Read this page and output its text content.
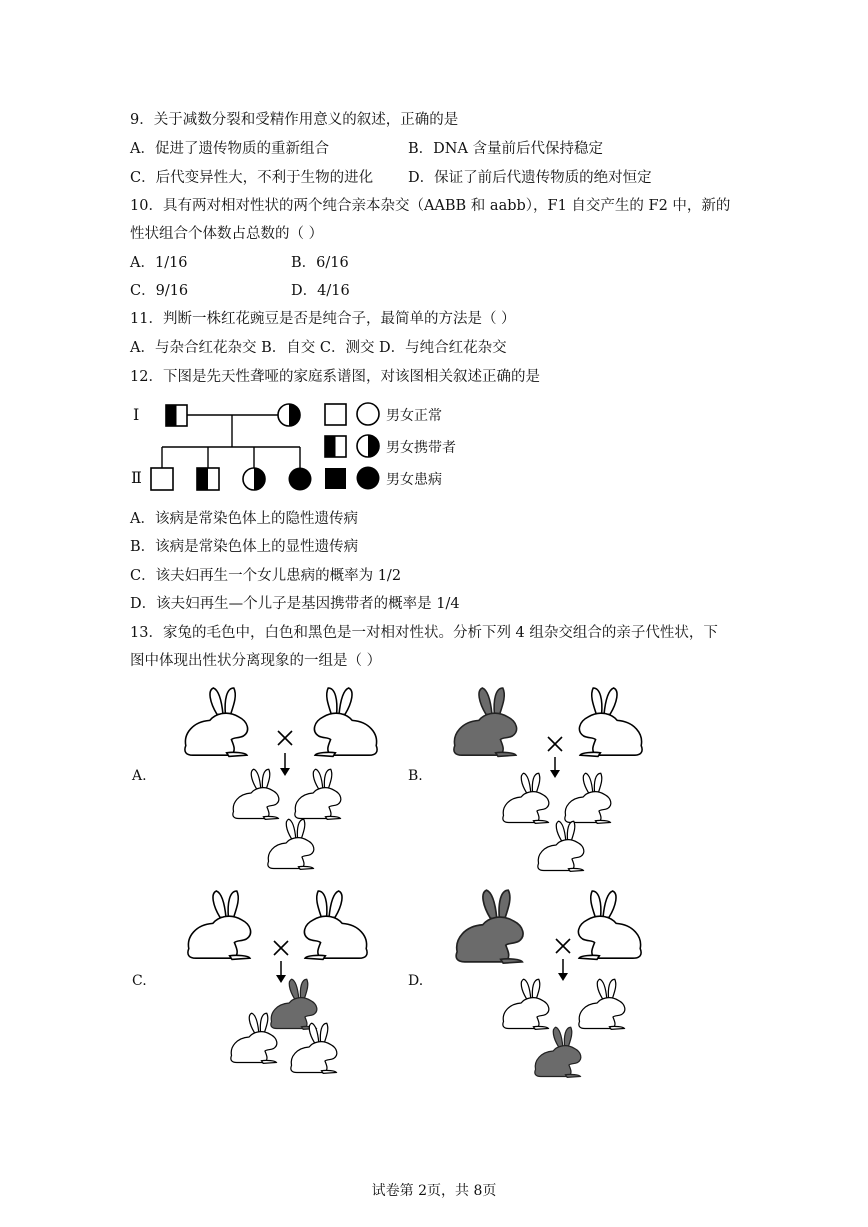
9．关于减数分裂和受精作用意义的叙述，正确的是
A．促进了遗传物质的重新组合	B．DNA 含量前后代保持稳定
C．后代变异性大，不利于生物的进化 D．保证了前后代遗传物质的绝对恒定
10．具有两对相对性状的两个纯合亲本杂交（AABB 和 aabb），F1 自交产生的 F2 中，新的
性状组合个体数占总数的（ ）
A．1/16	B．6/16
C．9/16	D．4/16
11．判断一株红花豌豆是否是纯合子，最简单的方法是（ ）
A．与杂合红花杂交 B．自交 C．测交 D．与纯合红花杂交
12．下图是先天性聋哑的家庭系谱图，对该图相关叙述正确的是
Ⅰ
Ⅱ
男女正常
男女携带者
男女患病
A．该病是常染色体上的隐性遗传病
B．该病是常染色体上的显性遗传病
C．该夫妇再生一个女儿患病的概率为 1/2
D．该夫妇再生—个儿子是基因携带者的概率是 1/4
13．家兔的毛色中，白色和黑色是一对相对性状。分析下列 4 组杂交组合的亲子代性状，下
图中体现出性状分离现象的一组是（ ）
A.	B.
C.	D.
试卷第 2页，共 8页
